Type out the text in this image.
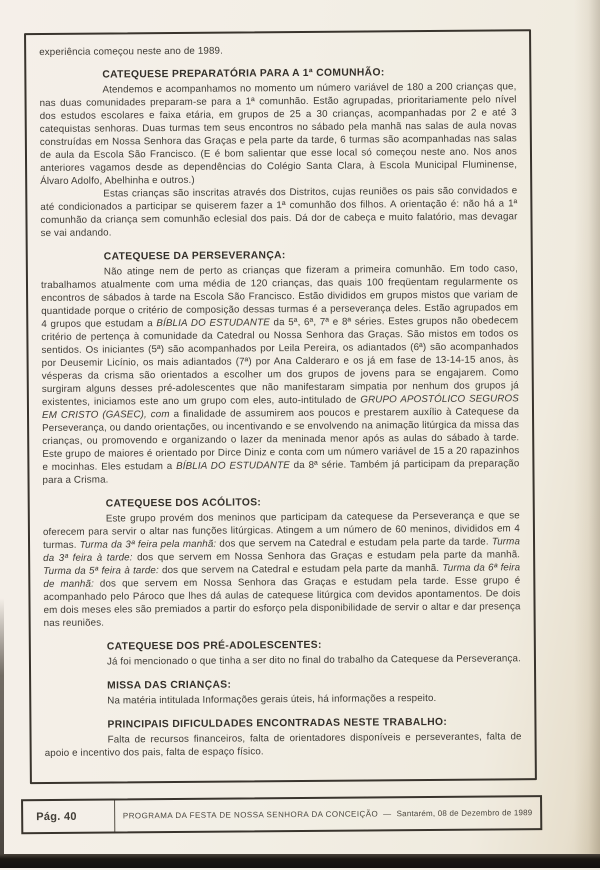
experiência começou neste ano de 1989.

CATEQUESE PREPARATÓRIA PARA A 1ª COMUNHÃO:

Atendemos e acompanhamos no momento um número variável de 180 a 200 crianças que, nas duas comunidades preparam-se para a 1ª comunhão. Estão agrupadas, prioritariamente pelo nível dos estudos escolares e faixa etária, em grupos de 25 a 30 crianças, acompanhadas por 2 e até 3 catequistas senhoras. Duas turmas tem seus encontros no sábado pela manhã nas salas de aula novas construídas em Nossa Senhora das Graças e pela parte da tarde, 6 turmas são acompanhadas nas salas de aula da Escola São Francisco. (E é bom salientar que esse local só começou neste ano. Nos anos anteriores vagamos desde as dependências do Colégio Santa Clara, à Escola Municipal Fluminense, Álvaro Adolfo, Abelhinha e outros.)

Estas crianças são inscritas através dos Distritos, cujas reuniões os pais são convidados e até condicionados a participar se quiserem fazer a 1ª comunhão dos filhos. A orientação é: não há a 1ª comunhão da criança sem comunhão eclesial dos pais. Dá dor de cabeça e muito falatório, mas devagar se vai andando.

CATEQUESE DA PERSEVERANÇA:

Não atinge nem de perto as crianças que fizeram a primeira comunhão. Em todo caso, trabalhamos atualmente com uma média de 120 crianças, das quais 100 freqüentam regularmente os encontros de sábados à tarde na Escola São Francisco. Estão divididos em grupos mistos que variam de quantidade porque o critério de composição dessas turmas é a perseverança deles. Estão agrupados em 4 grupos que estudam a BÍBLIA DO ESTUDANTE da 5ª, 6ª, 7ª e 8ª séries. Estes grupos não obedecem critério de pertença à comunidade da Catedral ou Nossa Senhora das Graças. São mistos em todos os sentidos. Os iniciantes (5ª) são acompanhados por Leila Pereira, os adiantados (6ª) são acompanhados por Deusemir Licínio, os mais adiantados (7ª) por Ana Calderaro e os já em fase de 13-14-15 anos, às vésperas da crisma são orientados a escolher um dos grupos de jovens para se engajarem. Como surgiram alguns desses pré-adolescentes que não manifestaram simpatia por nenhum dos grupos já existentes, iniciamos este ano um grupo com eles, auto-intitulado de GRUPO APOSTÓLICO SEGUROS EM CRISTO (GASEC), com a finalidade de assumirem aos poucos e prestarem auxílio à Catequese da Perseverança, ou dando orientações, ou incentivando e se envolvendo na animação litúrgica da missa das crianças, ou promovendo e organizando o lazer da meninada menor após as aulas do sábado à tarde. Este grupo de maiores é orientado por Dirce Diniz e conta com um número variável de 15 a 20 rapazinhos e mocinhas. Eles estudam a BÍBLIA DO ESTUDANTE da 8ª série. Também já participam da preparação para a Crisma.

CATEQUESE DOS ACÓLITOS:

Este grupo provém dos meninos que participam da catequese da Perseverança e que se oferecem para servir o altar nas funções litúrgicas. Atingem a um número de 60 meninos, divididos em 4 turmas. Turma da 3ª feira pela manhã: dos que servem na Catedral e estudam pela parte da tarde. Turma da 3ª feira à tarde: dos que servem em Nossa Senhora das Graças e estudam pela parte da manhã. Turma da 5ª feira à tarde: dos que servem na Catedral e estudam pela parte da manhã. Turma da 6ª feira de manhã: dos que servem em Nossa Senhora das Graças e estudam pela tarde. Esse grupo é acompanhado pelo Pároco que lhes dá aulas de catequese litúrgica com devidos apontamentos. De dois em dois meses eles são premiados a partir do esforço pela disponibilidade de servir o altar e dar presença nas reuniões.

CATEQUESE DOS PRÉ-ADOLESCENTES:

Já foi mencionado o que tinha a ser dito no final do trabalho da Catequese da Perseverança.

MISSA DAS CRIANÇAS:

Na matéria intitulada Informações gerais úteis, há informações a respeito.

PRINCIPAIS DIFICULDADES ENCONTRADAS NESTE TRABALHO:

Falta de recursos financeiros, falta de orientadores disponíveis e perseverantes, falta de apoio e incentivo dos pais, falta de espaço físico.

Pág. 40	PROGRAMA DA FESTA DE NOSSA SENHORA DA CONCEIÇÃO — Santarém, 08 de Dezembro de 1989
